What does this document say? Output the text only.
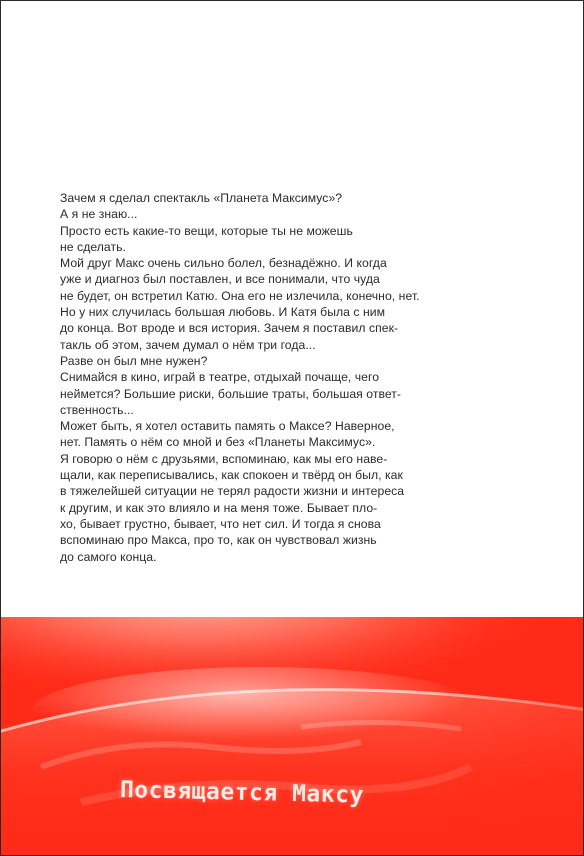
Зачем я сделал спектакль «Планета Максимус»?
А я не знаю...
Просто есть какие-то вещи, которые ты не можешь
не сделать.
Мой друг Макс очень сильно болел, безнадёжно. И когда
уже и диагноз был поставлен, и все понимали, что чуда
не будет, он встретил Катю. Она его не излечила, конечно, нет.
Но у них случилась большая любовь. И Катя была с ним
до конца. Вот вроде и вся история. Зачем я поставил спек-
такль об этом, зачем думал о нём три года...
Разве он был мне нужен?
Снимайся в кино, играй в театре, отдыхай почаще, чего
неймется? Большие риски, большие траты, большая ответ-
ственность...
Может быть, я хотел оставить память о Максе? Наверное,
нет. Память о нём со мной и без «Планеты Максимус».
Я говорю о нём с друзьями, вспоминаю, как мы его наве-
щали, как переписывались, как спокоен и твёрд он был, как
в тяжелейшей ситуации не терял радости жизни и интереса
к другим, и как это влияло и на меня тоже. Бывает пло-
хо, бывает грустно, бывает, что нет сил. И тогда я снова
вспоминаю про Макса, про то, как он чувствовал жизнь
до самого конца.
Посвящается Максу
